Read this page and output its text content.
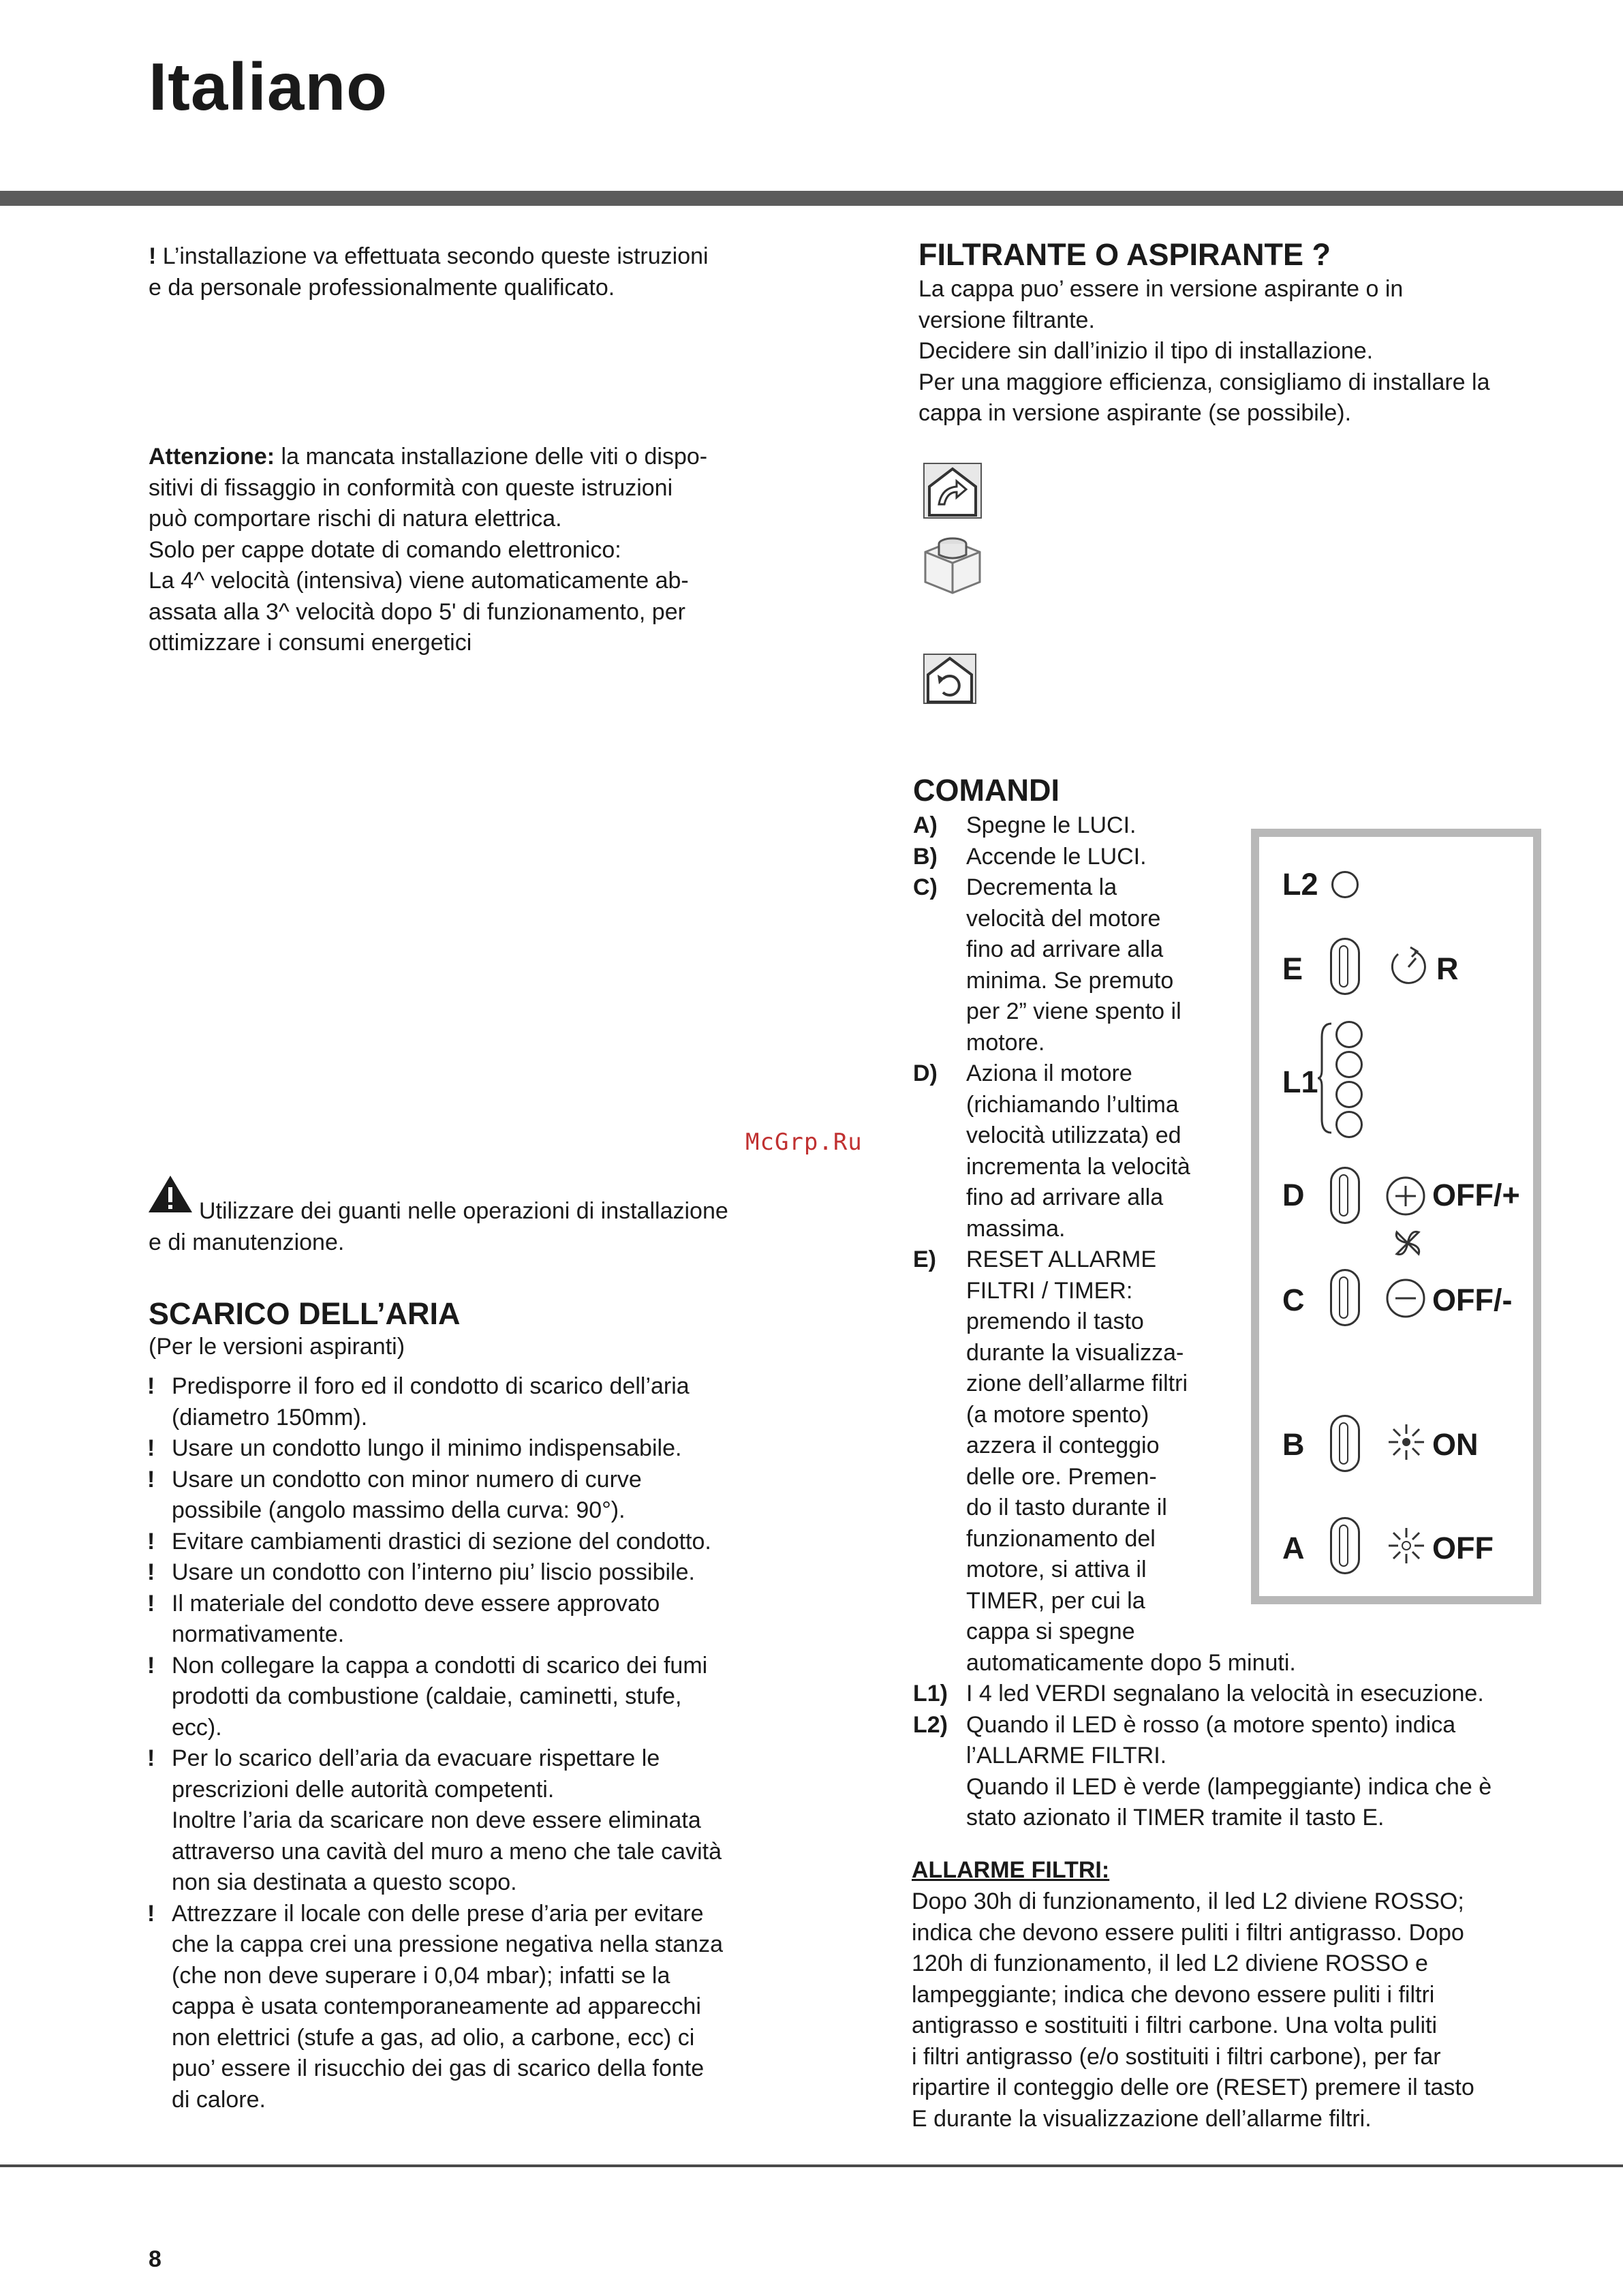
Italiano
! L’installazione va effettuata secondo queste istruzioni
e da personale professionalmente qualificato.
Attenzione: la mancata installazione delle viti o dispo-
sitivi di fissaggio in conformità con queste istruzioni
può comportare rischi di natura elettrica.
Solo per cappe dotate di comando elettronico:
La 4^ velocità (intensiva) viene automaticamente ab-
assata alla 3^ velocità dopo 5' di funzionamento, per
ottimizzare i consumi energetici
McGrp.Ru
Utilizzare dei guanti nelle operazioni di installazione
e di manutenzione.
SCARICO DELL’ARIA
(Per le versioni aspiranti)
! Predisporre il foro ed il condotto di scarico dell’aria
(diametro 150mm).
! Usare un condotto lungo il minimo indispensabile.
! Usare un condotto con minor numero di curve
possibile (angolo massimo della curva: 90°).
! Evitare cambiamenti drastici di sezione del condotto.
! Usare un condotto con l’interno piu’ liscio possibile.
! Il materiale del condotto deve essere approvato
normativamente.
! Non collegare la cappa a condotti di scarico dei fumi
prodotti da combustione (caldaie, caminetti, stufe,
ecc).
! Per lo scarico dell’aria da evacuare rispettare le
prescrizioni delle autorità competenti.
Inoltre l’aria da scaricare non deve essere eliminata
attraverso una cavità del muro a meno che tale cavità
non sia destinata a questo scopo.
! Attrezzare il locale con delle prese d’aria per evitare
che la cappa crei una pressione negativa nella stanza
(che non deve superare i 0,04 mbar); infatti se la
cappa è usata contemporaneamente ad apparecchi
non elettrici (stufe a gas, ad olio, a carbone, ecc) ci
puo’ essere il risucchio dei gas di scarico della fonte
di calore.
FILTRANTE O ASPIRANTE ?
La cappa puo’ essere in versione aspirante o in
versione filtrante.
Decidere sin dall’inizio il tipo di installazione.
Per una maggiore efficienza, consigliamo di installare la
cappa in versione aspirante (se possibile).
COMANDI
A) Spegne le LUCI.
B) Accende le LUCI.
C) Decrementa la
velocità del motore
fino ad arrivare alla
minima. Se premuto
per 2” viene spento il
motore.
D) Aziona il motore
(richiamando l’ultima
velocità utilizzata) ed
incrementa la velocità
fino ad arrivare alla
massima.
E) RESET ALLARME
FILTRI / TIMER:
premendo il tasto
durante la visualizza-
zione dell’allarme filtri
(a motore spento)
azzera il conteggio
delle ore. Premen-
do il tasto durante il
funzionamento del
motore, si attiva il
TIMER, per cui la
cappa si spegne
automaticamente dopo 5 minuti.
L1) I 4 led VERDI segnalano la velocità in esecuzione.
L2) Quando il LED è rosso (a motore spento) indica
l’ALLARME FILTRI.
Quando il LED è verde (lampeggiante) indica che è
stato azionato il TIMER tramite il tasto E.
ALLARME FILTRI:
Dopo 30h di funzionamento, il led L2 diviene ROSSO;
indica che devono essere puliti i filtri antigrasso. Dopo
120h di funzionamento, il led L2 diviene ROSSO e
lampeggiante; indica che devono essere puliti i filtri
antigrasso e sostituiti i filtri carbone. Una volta puliti
i filtri antigrasso (e/o sostituiti i filtri carbone), per far
ripartire il conteggio delle ore (RESET) premere il tasto
E durante la visualizzazione dell’allarme filtri.
L2
E	R
L1
D	OFF/+
C	OFF/-
B	ON
A	OFF
8
